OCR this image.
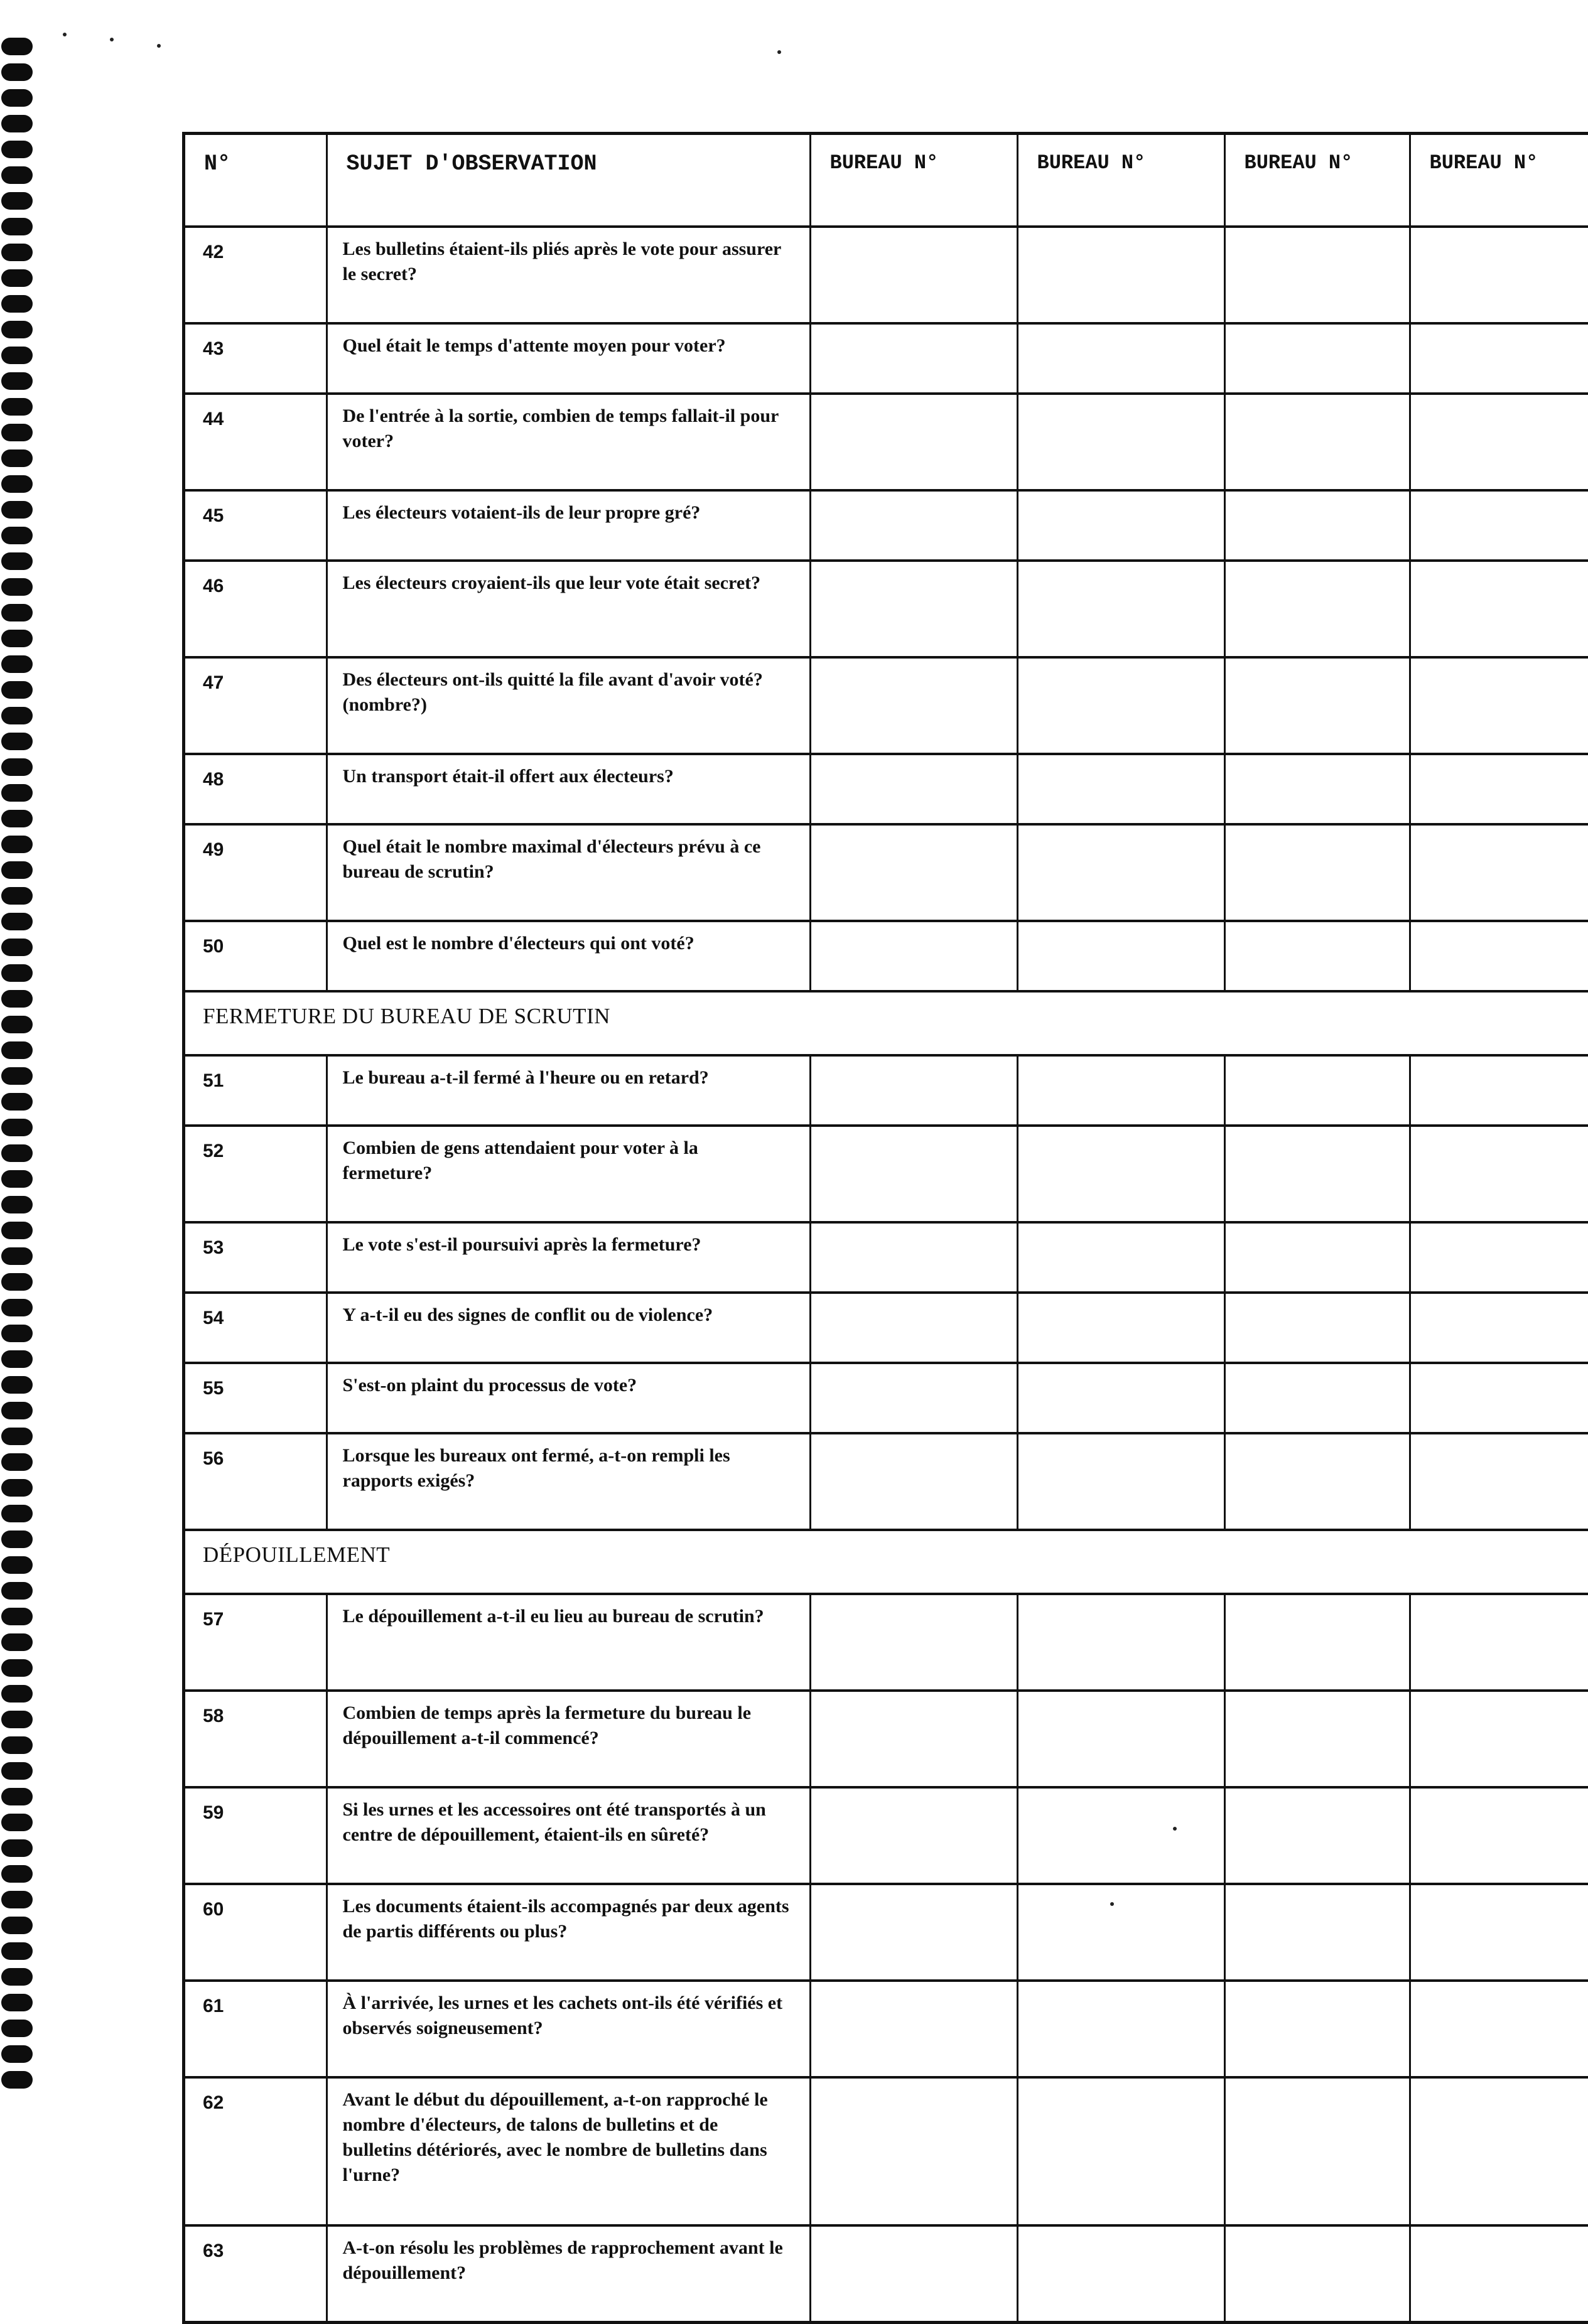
N°	SUJET D'OBSERVATION	BUREAU N°	BUREAU N°	BUREAU N°	BUREAU N°
42	Les bulletins étaient-ils pliés après le vote pour assurer le secret?				
43	Quel était le temps d'attente moyen pour voter?				
44	De l'entrée à la sortie, combien de temps fallait-il pour voter?				
45	Les électeurs votaient-ils de leur propre gré?				
46	Les électeurs croyaient-ils que leur vote était secret?				
47	Des électeurs ont-ils quitté la file avant d'avoir voté? (nombre?)				
48	Un transport était-il offert aux électeurs?				
49	Quel était le nombre maximal d'électeurs prévu à ce bureau de scrutin?				
50	Quel est le nombre d'électeurs qui ont voté?				
FERMETURE DU BUREAU DE SCRUTIN					
51	Le bureau a-t-il fermé à l'heure ou en retard?				
52	Combien de gens attendaient pour voter à la fermeture?				
53	Le vote s'est-il poursuivi après la fermeture?				
54	Y a-t-il eu des signes de conflit ou de violence?				
55	S'est-on plaint du processus de vote?				
56	Lorsque les bureaux ont fermé, a-t-on rempli les rapports exigés?				
DÉPOUILLEMENT					
57	Le dépouillement a-t-il eu lieu au bureau de scrutin?				
58	Combien de temps après la fermeture du bureau le dépouillement a-t-il commencé?				
59	Si les urnes et les accessoires ont été transportés à un centre de dépouillement, étaient-ils en sûreté?				
60	Les documents étaient-ils accompagnés par deux agents de partis différents ou plus?				
61	À l'arrivée, les urnes et les cachets ont-ils été vérifiés et observés soigneusement?				
62	Avant le début du dépouillement, a-t-on rapproché le nombre d'électeurs, de talons de bulletins et de bulletins détériorés, avec le nombre de bulletins dans l'urne?				
63	A-t-on résolu les problèmes de rapprochement avant le dépouillement?				
